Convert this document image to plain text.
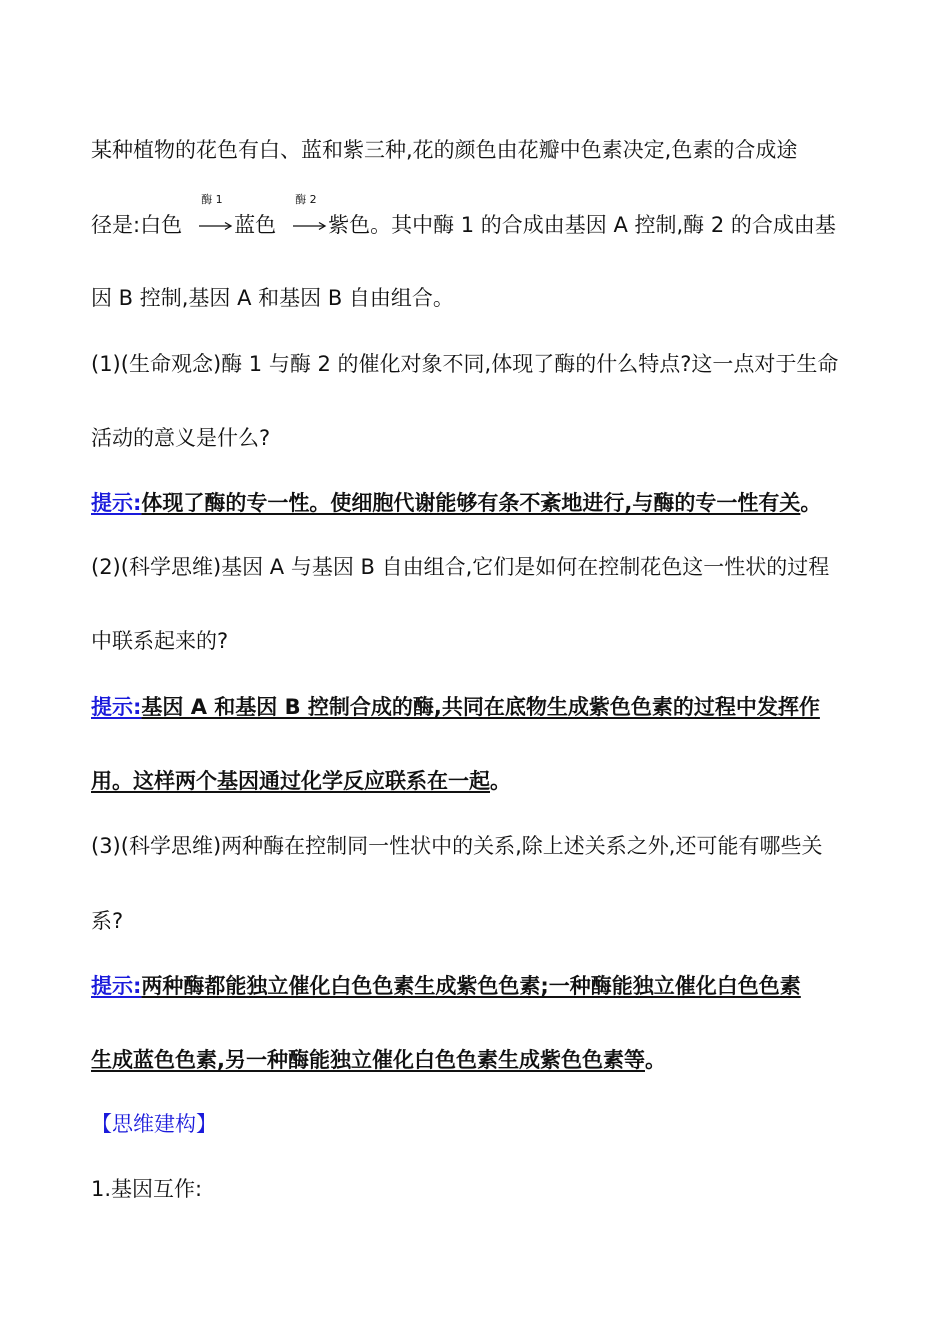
某种植物的花色有白、蓝和紫三种,花的颜色由花瓣中色素决定,色素的合成途
径是:白色
酶 1
蓝色
酶 2
紫色。其中酶 1 的合成由基因 A 控制,酶 2 的合成由基
因 B 控制,基因 A 和基因 B 自由组合。
(1)(生命观念)酶 1 与酶 2 的催化对象不同,体现了酶的什么特点?这一点对于生命
活动的意义是什么?
提示:体现了酶的专一性。使细胞代谢能够有条不紊地进行,与酶的专一性有关。
(2)(科学思维)基因 A 与基因 B 自由组合,它们是如何在控制花色这一性状的过程
中联系起来的?
提示:基因 A 和基因 B 控制合成的酶,共同在底物生成紫色色素的过程中发挥作
用。这样两个基因通过化学反应联系在一起。
(3)(科学思维)两种酶在控制同一性状中的关系,除上述关系之外,还可能有哪些关
系?
提示:两种酶都能独立催化白色色素生成紫色色素;一种酶能独立催化白色色素
生成蓝色色素,另一种酶能独立催化白色色素生成紫色色素等。
【思维建构】
1.基因互作:
